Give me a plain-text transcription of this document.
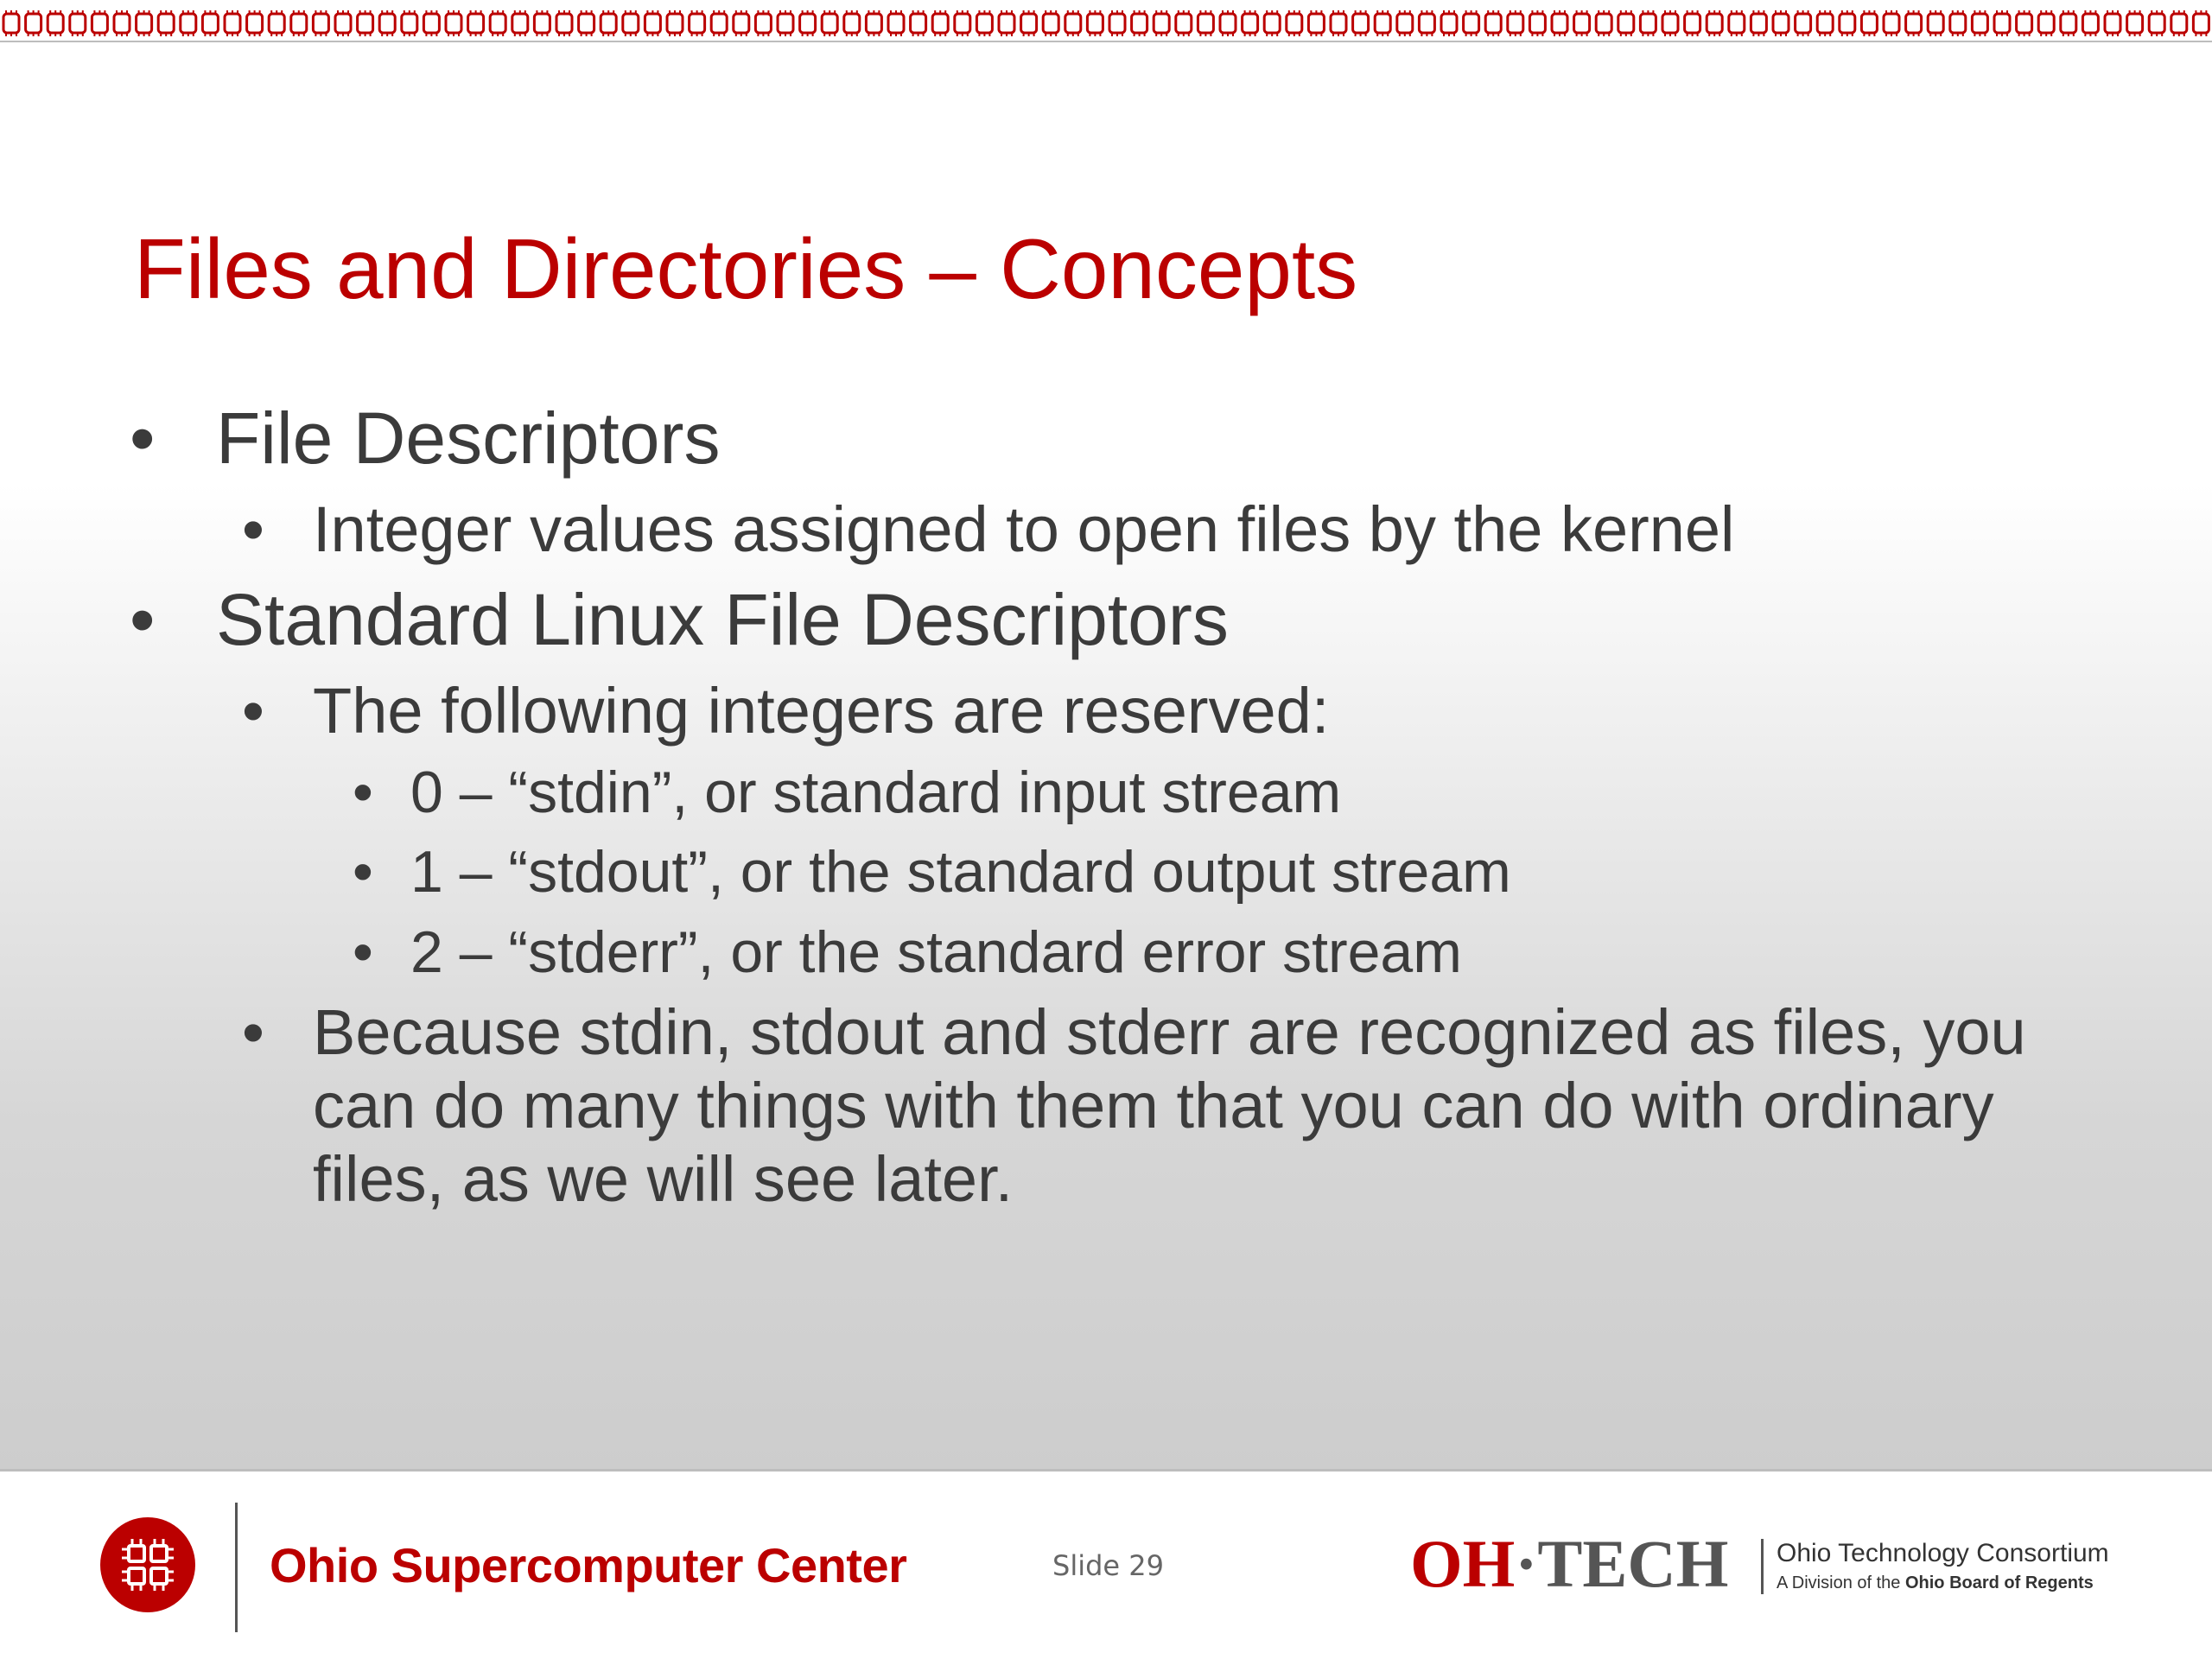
Files and Directories – Concepts
• File Descriptors
• Integer values assigned to open files by the kernel
• Standard Linux File Descriptors
• The following integers are reserved:
• 0 – “stdin”, or standard input stream
• 1 – “stdout”, or the standard output stream
• 2 – “stderr”, or the standard error stream
• Because stdin, stdout and stderr are recognized as files, you can do many things with them that you can do with ordinary files, as we will see later.
Ohio Supercomputer Center	Slide 29	OH·TECH Ohio Technology Consortium
A Division of the Ohio Board of Regents
